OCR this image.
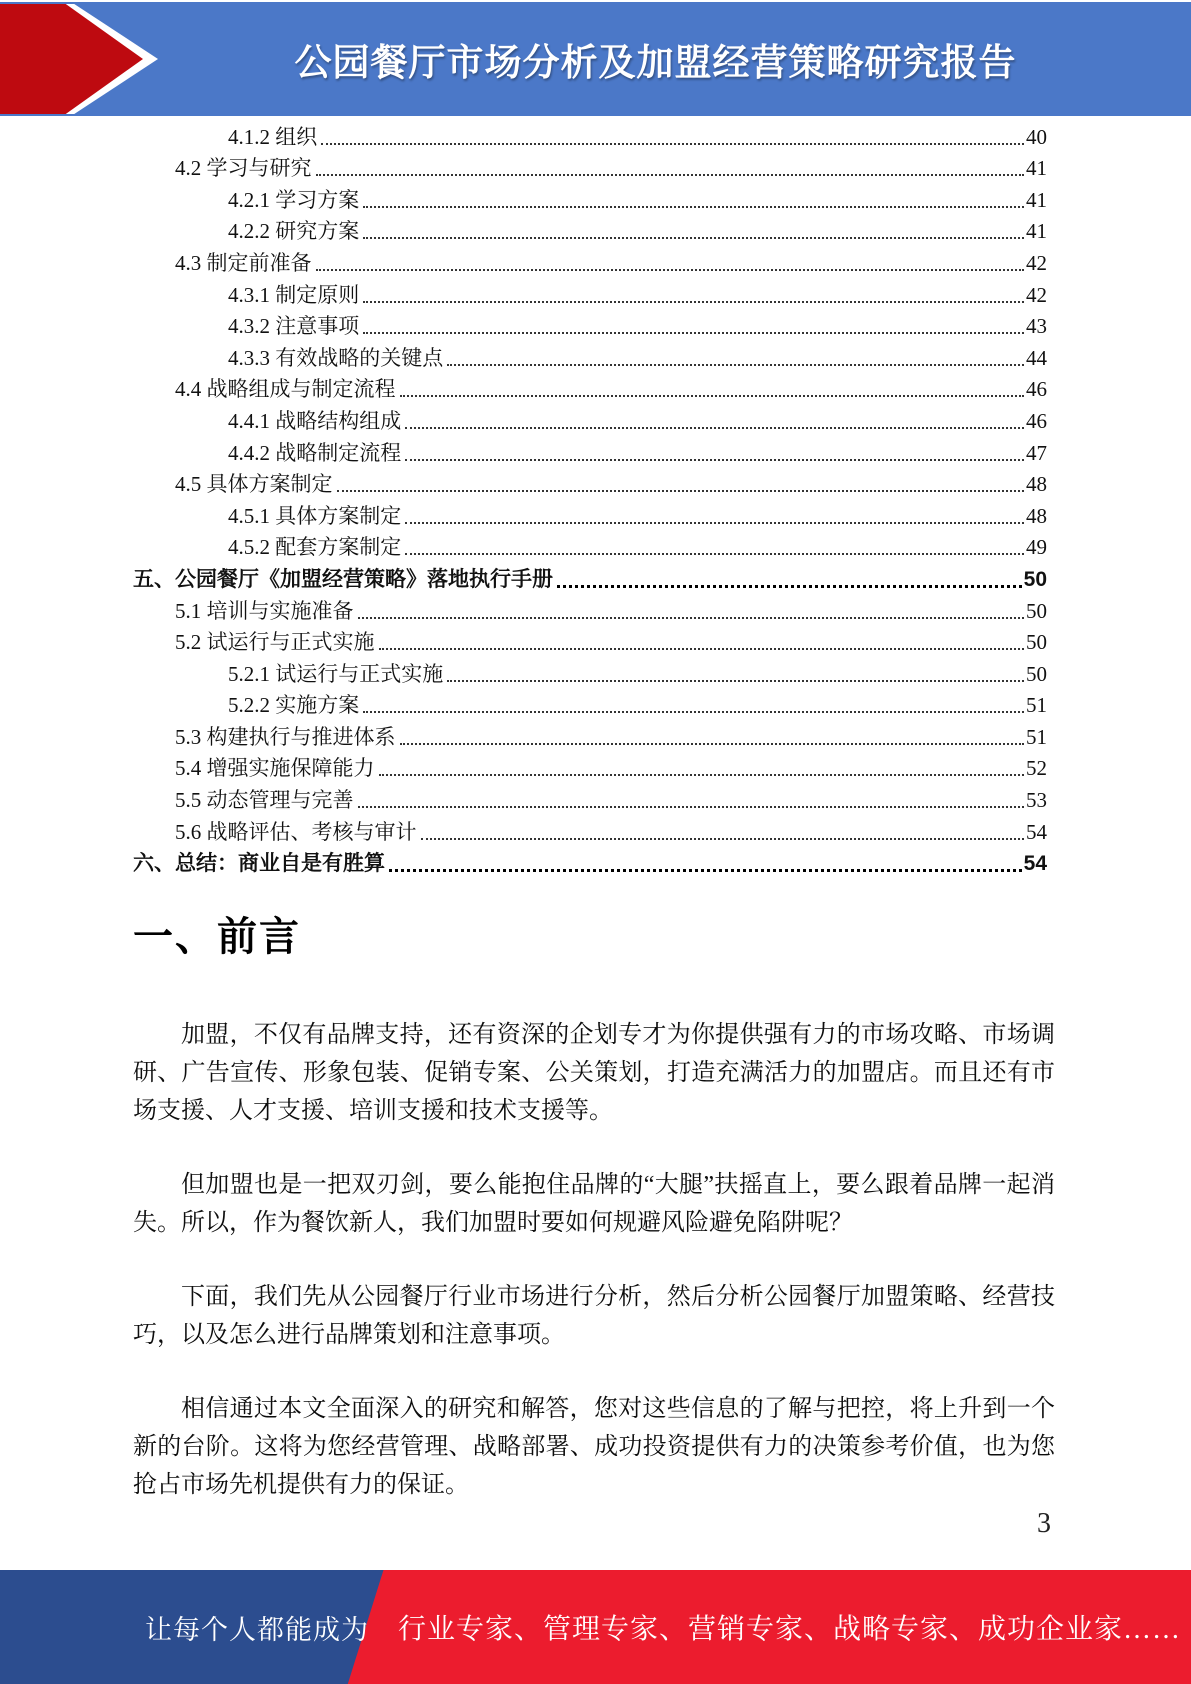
公园餐厅市场分析及加盟经营策略研究报告
4.1.2 组织	40
4.2 学习与研究	41
4.2.1 学习方案	41
4.2.2 研究方案	41
4.3 制定前准备	42
4.3.1 制定原则	42
4.3.2 注意事项	43
4.3.3 有效战略的关键点	44
4.4 战略组成与制定流程	46
4.4.1 战略结构组成	46
4.4.2 战略制定流程	47
4.5 具体方案制定	48
4.5.1 具体方案制定	48
4.5.2 配套方案制定	49
五、公园餐厅《加盟经营策略》落地执行手册	50
5.1 培训与实施准备	50
5.2 试运行与正式实施	50
5.2.1 试运行与正式实施	50
5.2.2 实施方案	51
5.3 构建执行与推进体系	51
5.4 增强实施保障能力	52
5.5 动态管理与完善	53
5.6 战略评估、考核与审计	54
六、总结：商业自是有胜算	54
一、前言

加盟，不仅有品牌支持，还有资深的企划专才为你提供强有力的市场攻略、市场调研、广告宣传、形象包装、促销专案、公关策划，打造充满活力的加盟店。而且还有市场支援、人才支援、培训支援和技术支援等。

但加盟也是一把双刃剑，要么能抱住品牌的“大腿”扶摇直上，要么跟着品牌一起消失。所以，作为餐饮新人，我们加盟时要如何规避风险避免陷阱呢？

下面，我们先从公园餐厅行业市场进行分析，然后分析公园餐厅加盟策略、经营技巧，以及怎么进行品牌策划和注意事项。

相信通过本文全面深入的研究和解答，您对这些信息的了解与把控，将上升到一个新的台阶。这将为您经营管理、战略部署、成功投资提供有力的决策参考价值，也为您抢占市场先机提供有力的保证。

3
让每个人都能成为 行业专家、管理专家、营销专家、战略专家、成功企业家……
